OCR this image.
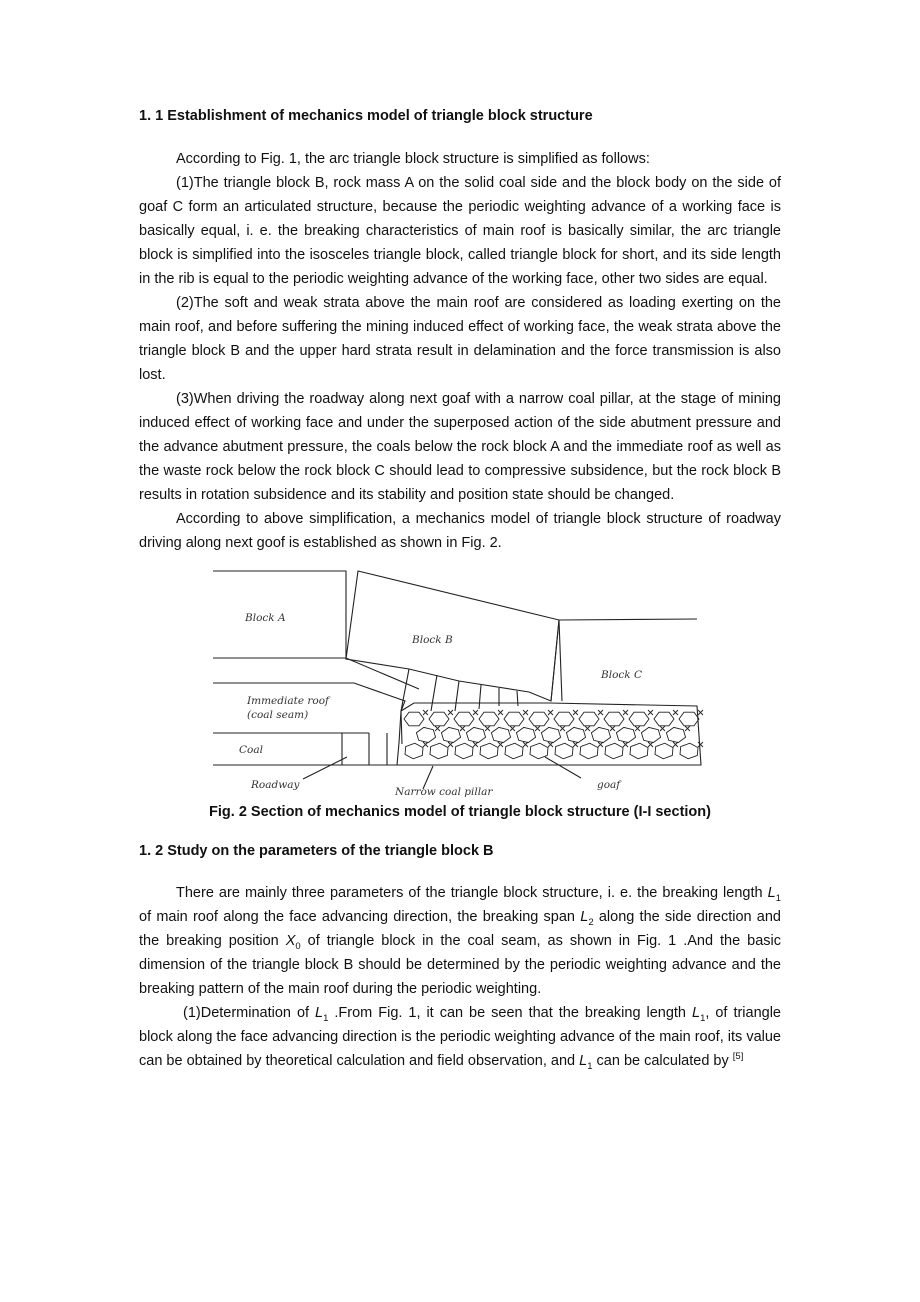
1. 1 Establishment of mechanics model of triangle block structure

According to Fig. 1, the arc triangle block structure is simplified as follows:

(1)The triangle block B, rock mass A on the solid coal side and the block body on the side of goaf C form an articulated structure, because the periodic weighting advance of a working face is basically equal, i. e. the breaking characteristics of main roof is basically similar, the arc triangle block is simplified into the isosceles triangle block, called triangle block for short, and its side length in the rib is equal to the periodic weighting advance of the working face, other two sides are equal.

(2)The soft and weak strata above the main roof are considered as loading exerting on the main roof, and before suffering the mining induced effect of working face, the weak strata above the triangle block B and the upper hard strata result in delamination and the force transmission is also lost.

(3)When driving the roadway along next goaf with a narrow coal pillar, at the stage of mining induced effect of working face and under the superposed action of the side abutment pressure and the advance abutment pressure, the coals below the rock block A and the immediate roof as well as the waste rock below the rock block C should lead to compressive subsidence, but the rock block B results in rotation subsidence and its stability and position state should be changed.

According to above simplification, a mechanics model of triangle block structure of roadway driving along next goof is established as shown in Fig. 2.

Block A
Block B
Block C
Immediate roof
(coal seam)
Coal
Roadway
Narrow coal pillar
goaf
Fig. 2 Section of mechanics model of triangle block structure (I-I section)
1. 2 Study on the parameters of the triangle block B

There are mainly three parameters of the triangle block structure, i. e. the breaking length $L_1$ of main roof along the face advancing direction, the breaking span $L_2$ along the side direction and the breaking position $X_0$ of triangle block in the coal seam, as shown in Fig. 1 .And the basic dimension of the triangle block B should be determined by the periodic weighting advance and the breaking pattern of the main roof during the periodic weighting.

(1)Determination of $L_1$ .From Fig. 1, it can be seen that the breaking length $L_1$, of triangle block along the face advancing direction is the periodic weighting advance of the main roof, its value can be obtained by theoretical calculation and field observation, and $L_1$ can be calculated by [5]
